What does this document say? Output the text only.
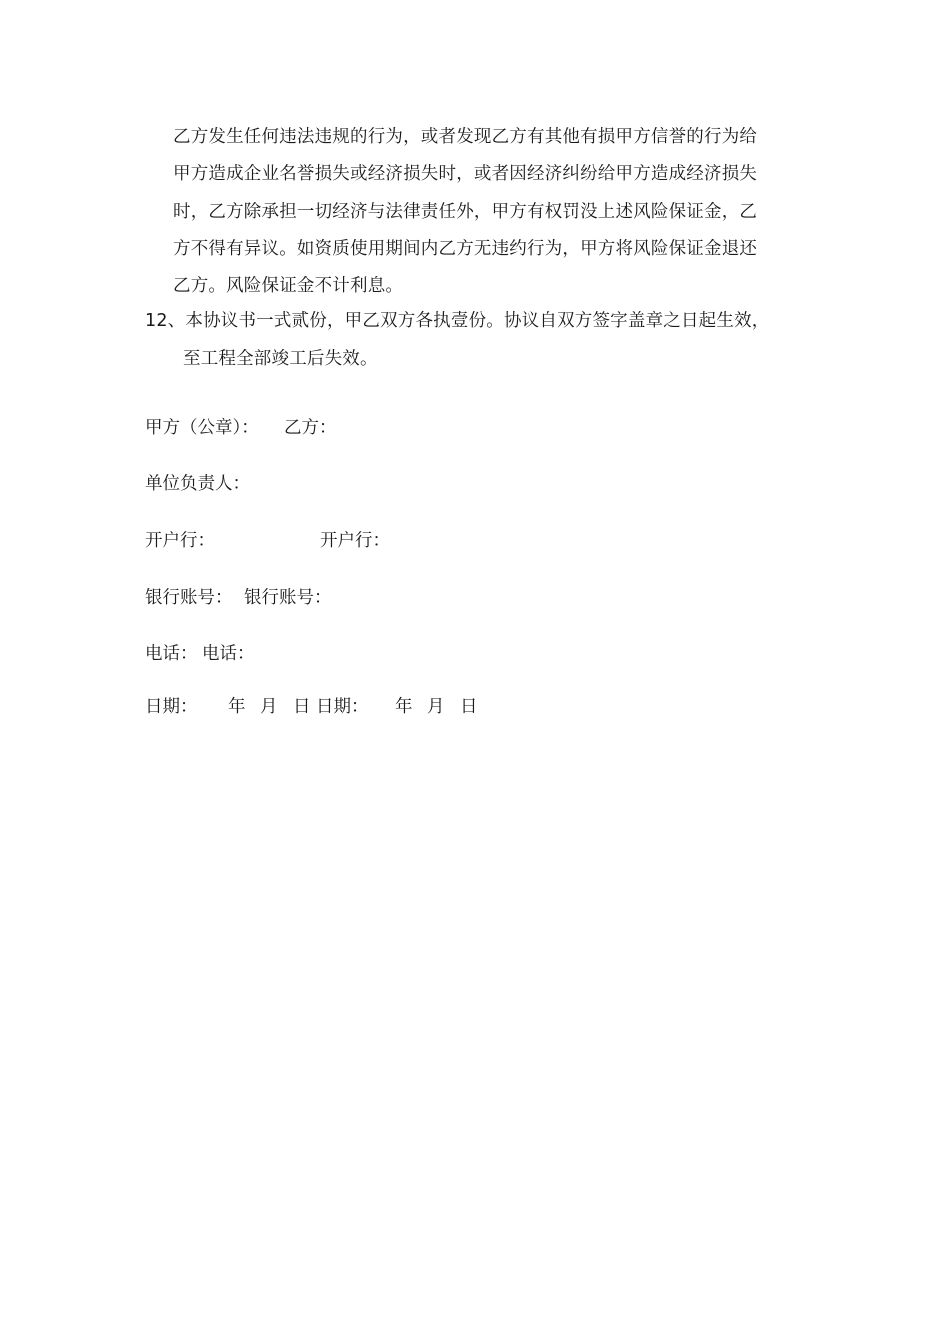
乙方发生任何违法违规的行为，或者发现乙方有其他有损甲方信誉的行为给
甲方造成企业名誉损失或经济损失时，或者因经济纠纷给甲方造成经济损失
时，乙方除承担一切经济与法律责任外，甲方有权罚没上述风险保证金，乙
方不得有异议。如资质使用期间内乙方无违约行为，甲方将风险保证金退还
乙方。风险保证金不计利息。
12、本协议书一式贰份，甲乙双方各执壹份。协议自双方签字盖章之日起生效，
至工程全部竣工后失效。
甲方（公章）： 乙方：
单位负责人：
开户行：	开户行：
银行账号： 银行账号：
电话： 电话：
日期： 年 月 日 日期： 年 月 日
